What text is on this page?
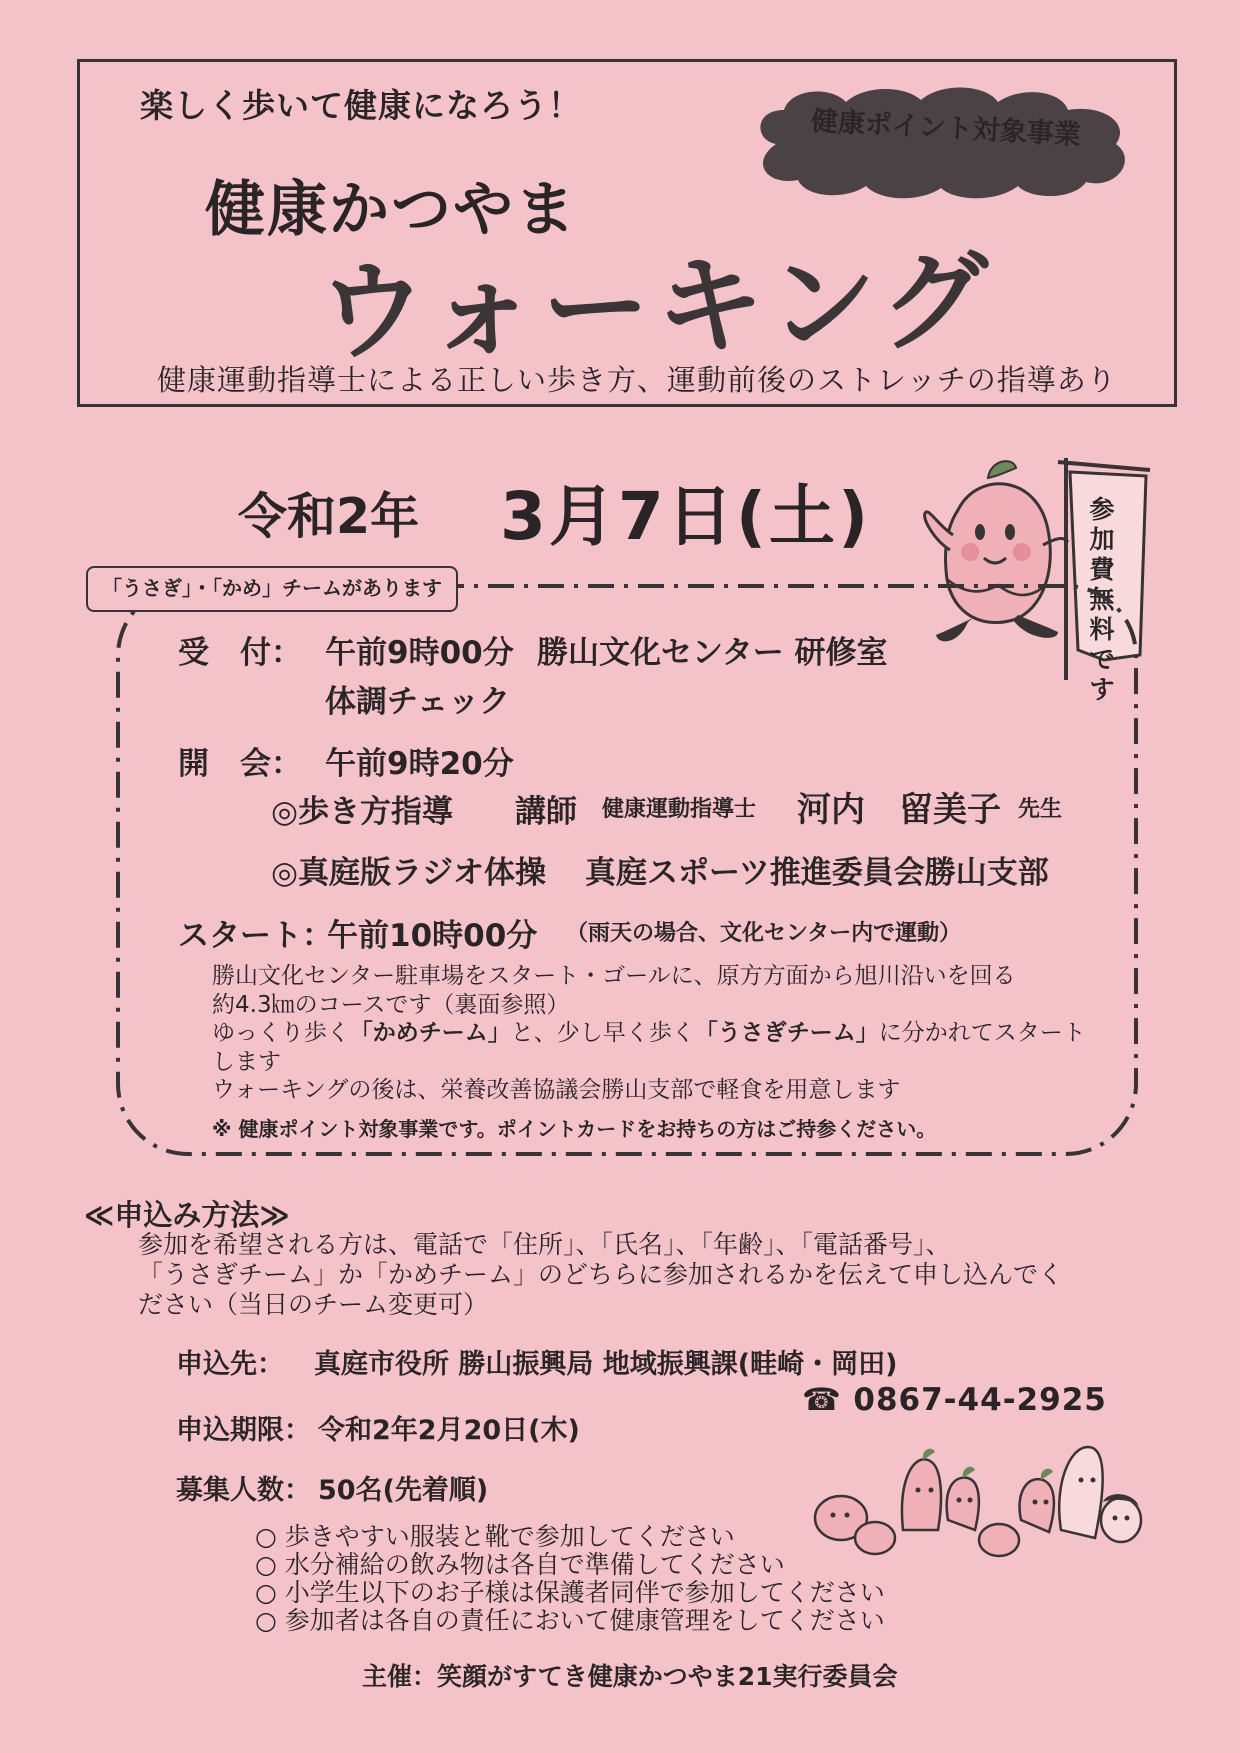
楽しく歩いて健康になろう！
健康ポイント対象事業
健康かつやま
ウォーキング
健康運動指導士による正しい歩き方、運動前後のストレッチの指導あり
令和2年 3月7日(土)	参加費無料です
「うさぎ」・「かめ」チームがあります
受　付： 午前9時00分 勝山文化センター 研修室
体調チェック
開　会： 午前9時20分
◎歩き方指導 講師 健康運動指導士 河内　留美子 先生
◎真庭版ラジオ体操 真庭スポーツ推進委員会勝山支部
スタート：
午前10時00分 （雨天の場合、文化センター内で運動）
勝山文化センター駐車場をスタート・ゴールに、原方方面から旭川沿いを回る
約4.3㎞のコースです（裏面参照）
ゆっくり歩く「かめチーム」と、少し早く歩く「うさぎチーム」に分かれてスタート
します
ウォーキングの後は、栄養改善協議会勝山支部で軽食を用意します
※ 健康ポイント対象事業です。ポイントカードをお持ちの方はご持参ください。
≪申込み方法≫
参加を希望される方は、電話で「住所」、「氏名」、「年齢」、「電話番号」、
「うさぎチーム」か「かめチーム」のどちらに参加されるかを伝えて申し込んでく
ださい（当日のチーム変更可）
申込先： 真庭市役所 勝山振興局 地域振興課(畦崎・岡田)
☎ 0867-44-2925
申込期限： 令和2年2月20日(木)
募集人数： 50名(先着順)
○ 歩きやすい服装と靴で参加してください
○ 水分補給の飲み物は各自で準備してください
○ 小学生以下のお子様は保護者同伴で参加してください
○ 参加者は各自の責任において健康管理をしてください
主催：笑顔がすてき健康かつやま21実行委員会
